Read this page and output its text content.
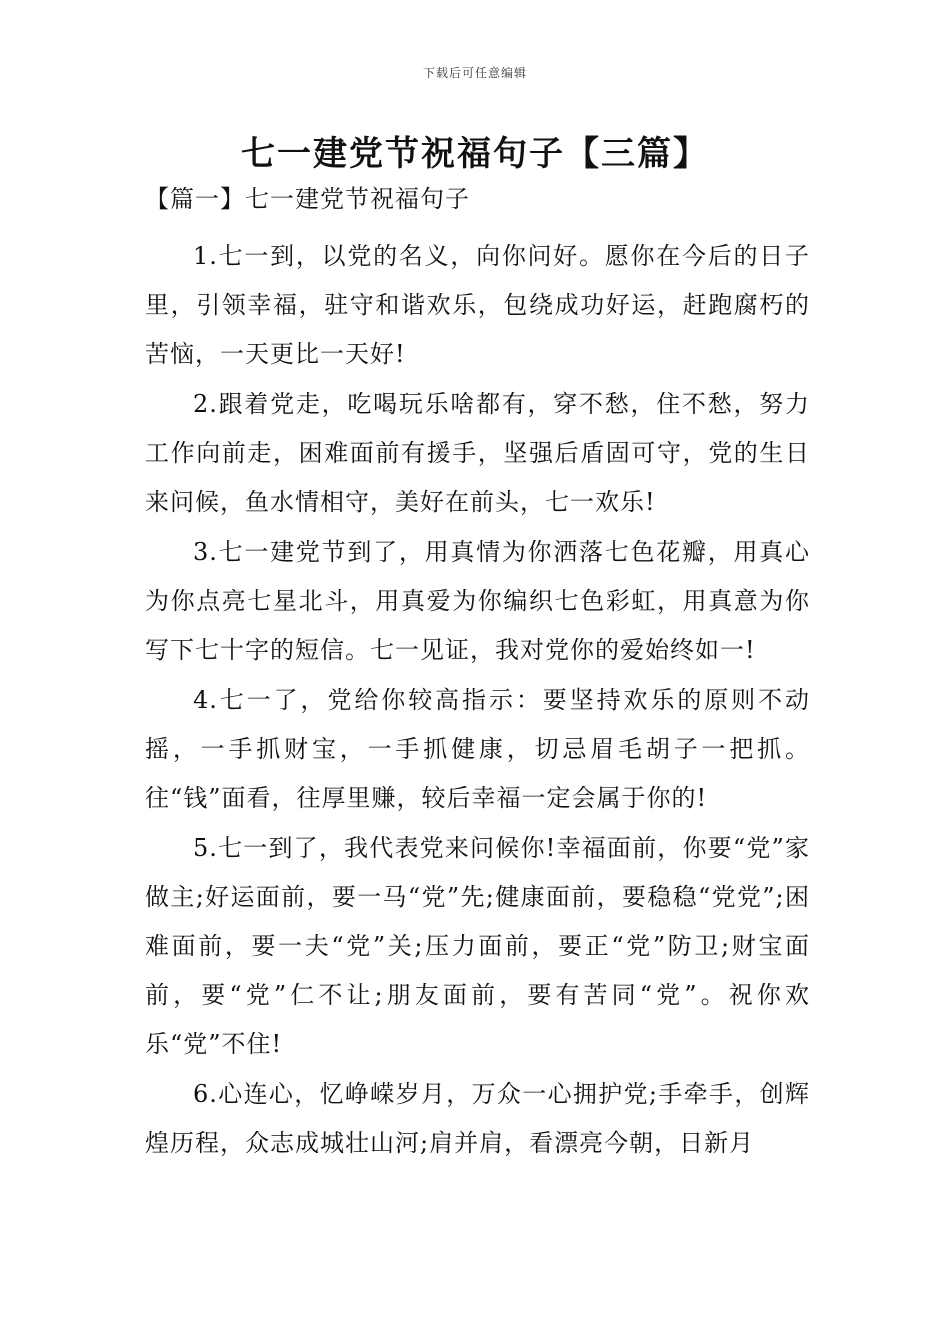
下载后可任意编辑
七一建党节祝福句子【三篇】

【篇一】七一建党节祝福句子

1.七一到，以党的名义，向你问好。愿你在今后的日子里，引领幸福，驻守和谐欢乐，包绕成功好运，赶跑腐朽的苦恼，一天更比一天好!

2.跟着党走，吃喝玩乐啥都有，穿不愁，住不愁，努力工作向前走，困难面前有援手，坚强后盾固可守，党的生日来问候，鱼水情相守，美好在前头，七一欢乐!

3.七一建党节到了，用真情为你洒落七色花瓣，用真心为你点亮七星北斗，用真爱为你编织七色彩虹，用真意为你写下七十字的短信。七一见证，我对党你的爱始终如一!

4.七一了，党给你较高指示：要坚持欢乐的原则不动摇，一手抓财宝，一手抓健康，切忌眉毛胡子一把抓。往“钱”面看，往厚里赚，较后幸福一定会属于你的!

5.七一到了，我代表党来问候你!幸福面前，你要“党”家做主;好运面前，要一马“党”先;健康面前，要稳稳“党党”;困难面前，要一夫“党”关;压力面前，要正“党”防卫;财宝面前，要“党”仁不让;朋友面前，要有苦同“党”。祝你欢乐“党”不住!

6.心连心，忆峥嵘岁月，万众一心拥护党;手牵手，创辉煌历程，众志成城壮山河;肩并肩，看漂亮今朝，日新月
